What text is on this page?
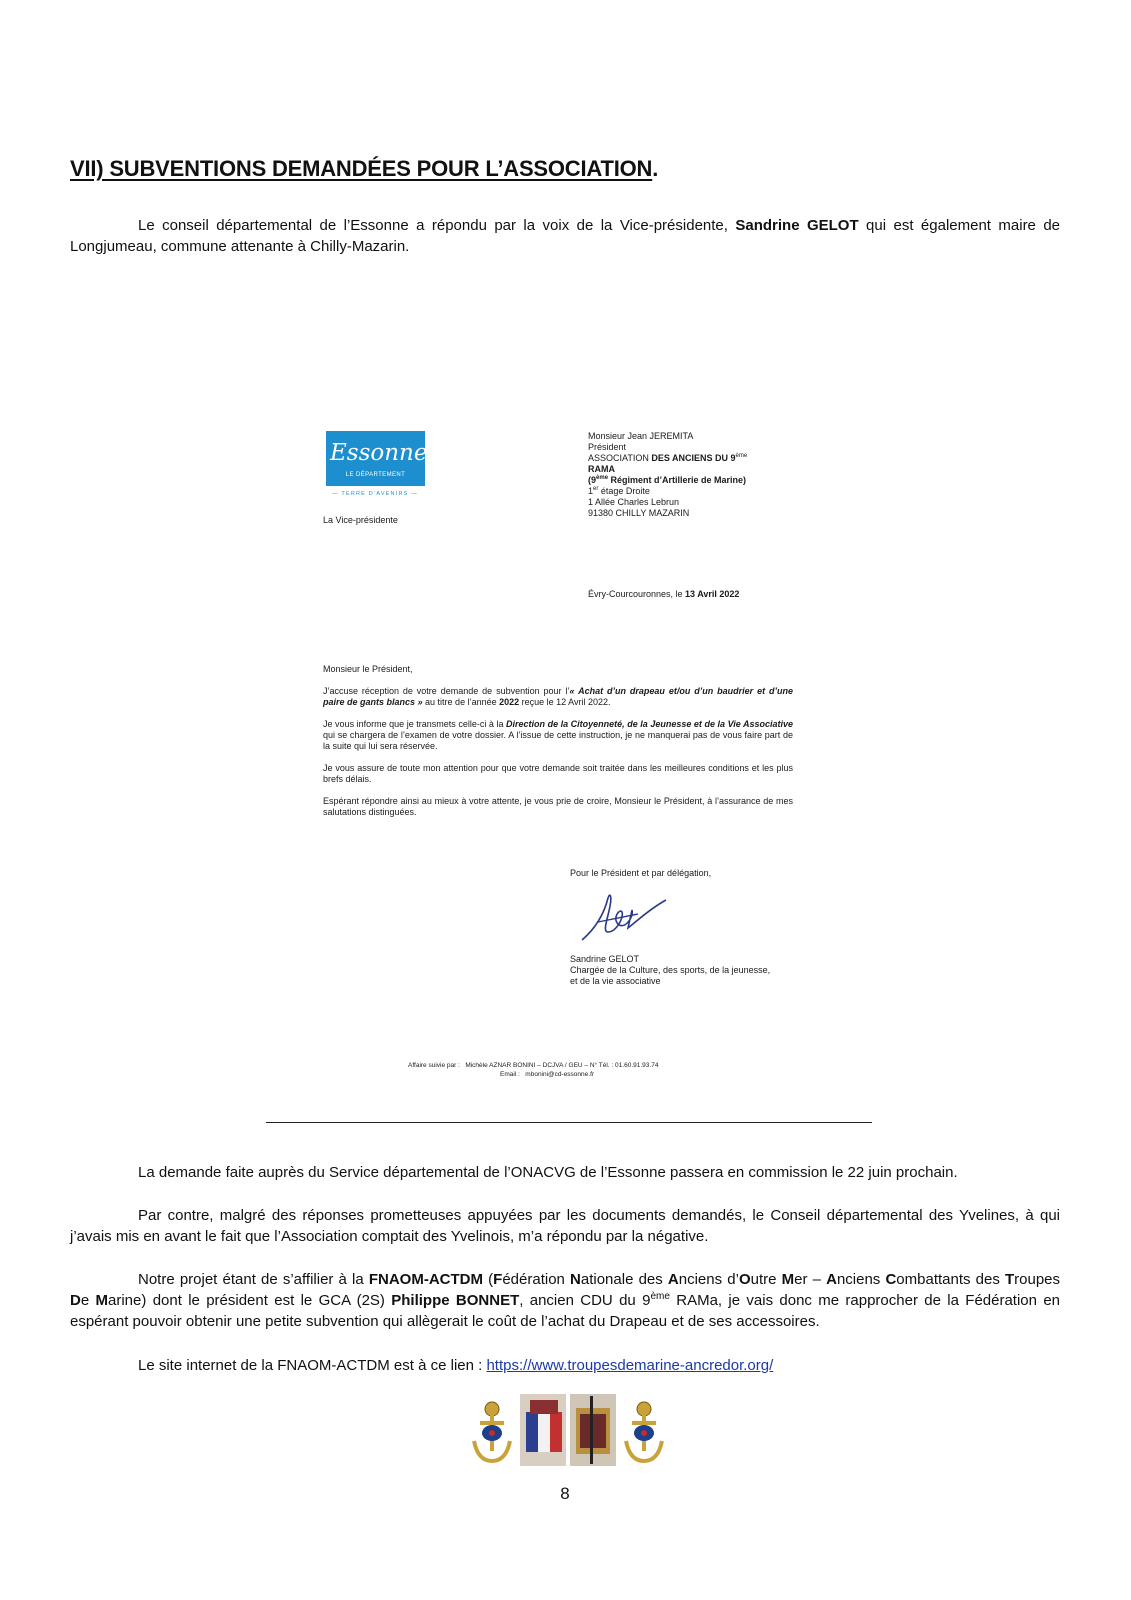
VII) SUBVENTIONS DEMANDÉES POUR L’ASSOCIATION.

Le conseil départemental de l’Essonne a répondu par la voix de la Vice-présidente, Sandrine GELOT qui est également maire de Longjumeau, commune attenante à Chilly-Mazarin.

Essonne
LE DÉPARTEMENT
— TERRE D’AVENIRS —
La Vice-présidente
Monsieur Jean JEREMITA
Président
ASSOCIATION DES ANCIENS DU 9ème
RAMA
(9ème Régiment d’Artillerie de Marine)
1er étage Droite
1 Allée Charles Lebrun
91380 CHILLY MAZARIN
Évry-Courcouronnes, le 13 Avril 2022

Monsieur le Président,

J’accuse réception de votre demande de subvention pour l’« Achat d’un drapeau et/ou d’un baudrier et d’une paire de gants blancs » au titre de l’année 2022 reçue le 12 Avril 2022.

Je vous informe que je transmets celle-ci à la Direction de la Citoyenneté, de la Jeunesse et de la Vie Associative qui se chargera de l’examen de votre dossier. A l’issue de cette instruction, je ne manquerai pas de vous faire part de la suite qui lui sera réservée.

Je vous assure de toute mon attention pour que votre demande soit traitée dans les meilleures conditions et les plus brefs délais.

Espérant répondre ainsi au mieux à votre attente, je vous prie de croire, Monsieur le Président, à l’assurance de mes salutations distinguées.

Pour le Président et par délégation,
Sandrine GELOT
Chargée de la Culture, des sports, de la jeunesse,
et de la vie associative
Affaire suivie par : Michèle AZNAR BONINI – DCJVA / GEU – N° Tél. : 01.60.91.93.74
Email : mbonini@cd-essonne.fr

La demande faite auprès du Service départemental de l’ONACVG de l’Essonne passera en commission le 22 juin prochain.

Par contre, malgré des réponses prometteuses appuyées par les documents demandés, le Conseil départemental des Yvelines, à qui j’avais mis en avant le fait que l’Association comptait des Yvelinois, m’a répondu par la négative.

Notre projet étant de s’affilier à la FNAOM-ACTDM (Fédération Nationale des Anciens d’Outre Mer – Anciens Combattants des Troupes De Marine) dont le président est le GCA (2S) Philippe BONNET, ancien CDU du 9ème RAMa, je vais donc me rapprocher de la Fédération en espérant pouvoir obtenir une petite subvention qui allègerait le coût de l’achat du Drapeau et de ses accessoires.

Le site internet de la FNAOM-ACTDM est à ce lien : https://www.troupesdemarine-ancredor.org/

8
